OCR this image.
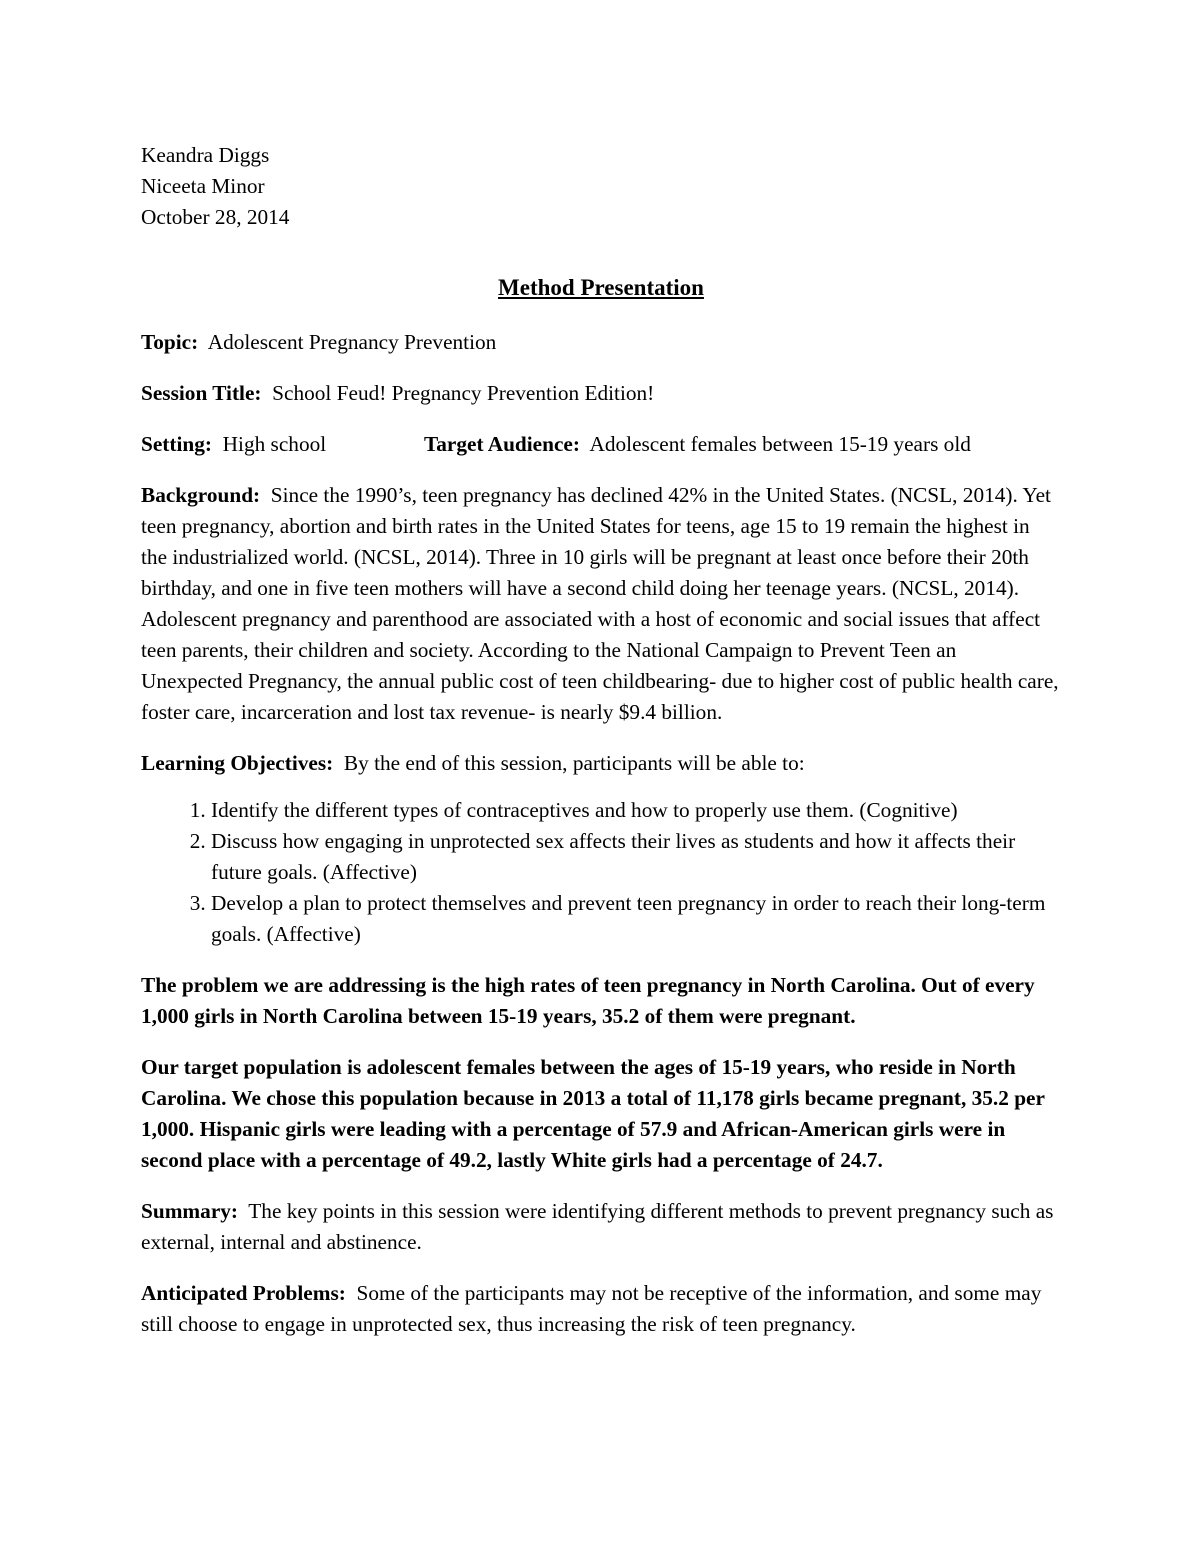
Keandra Diggs

Niceeta Minor

October 28, 2014

Method Presentation

Topic: Adolescent Pregnancy Prevention

Session Title: School Feud! Pregnancy Prevention Edition!

Setting: High school	Target Audience: Adolescent females between 15-19 years old

Background: Since the 1990’s, teen pregnancy has declined 42% in the United States. (NCSL, 2014). Yet teen pregnancy, abortion and birth rates in the United States for teens, age 15 to 19 remain the highest in the industrialized world. (NCSL, 2014). Three in 10 girls will be pregnant at least once before their 20th birthday, and one in five teen mothers will have a second child doing her teenage years. (NCSL, 2014). Adolescent pregnancy and parenthood are associated with a host of economic and social issues that affect teen parents, their children and society. According to the National Campaign to Prevent Teen an Unexpected Pregnancy, the annual public cost of teen childbearing- due to higher cost of public health care, foster care, incarceration and lost tax revenue- is nearly $9.4 billion.

Learning Objectives: By the end of this session, participants will be able to:

1. Identify the different types of contraceptives and how to properly use them. (Cognitive)
2. Discuss how engaging in unprotected sex affects their lives as students and how it affects their future goals. (Affective)
3. Develop a plan to protect themselves and prevent teen pregnancy in order to reach their long-term goals. (Affective)

The problem we are addressing is the high rates of teen pregnancy in North Carolina. Out of every 1,000 girls in North Carolina between 15-19 years, 35.2 of them were pregnant.

Our target population is adolescent females between the ages of 15-19 years, who reside in North Carolina. We chose this population because in 2013 a total of 11,178 girls became pregnant, 35.2 per 1,000. Hispanic girls were leading with a percentage of 57.9 and African-American girls were in second place with a percentage of 49.2, lastly White girls had a percentage of 24.7.

Summary: The key points in this session were identifying different methods to prevent pregnancy such as external, internal and abstinence.

Anticipated Problems: Some of the participants may not be receptive of the information, and some may still choose to engage in unprotected sex, thus increasing the risk of teen pregnancy.
